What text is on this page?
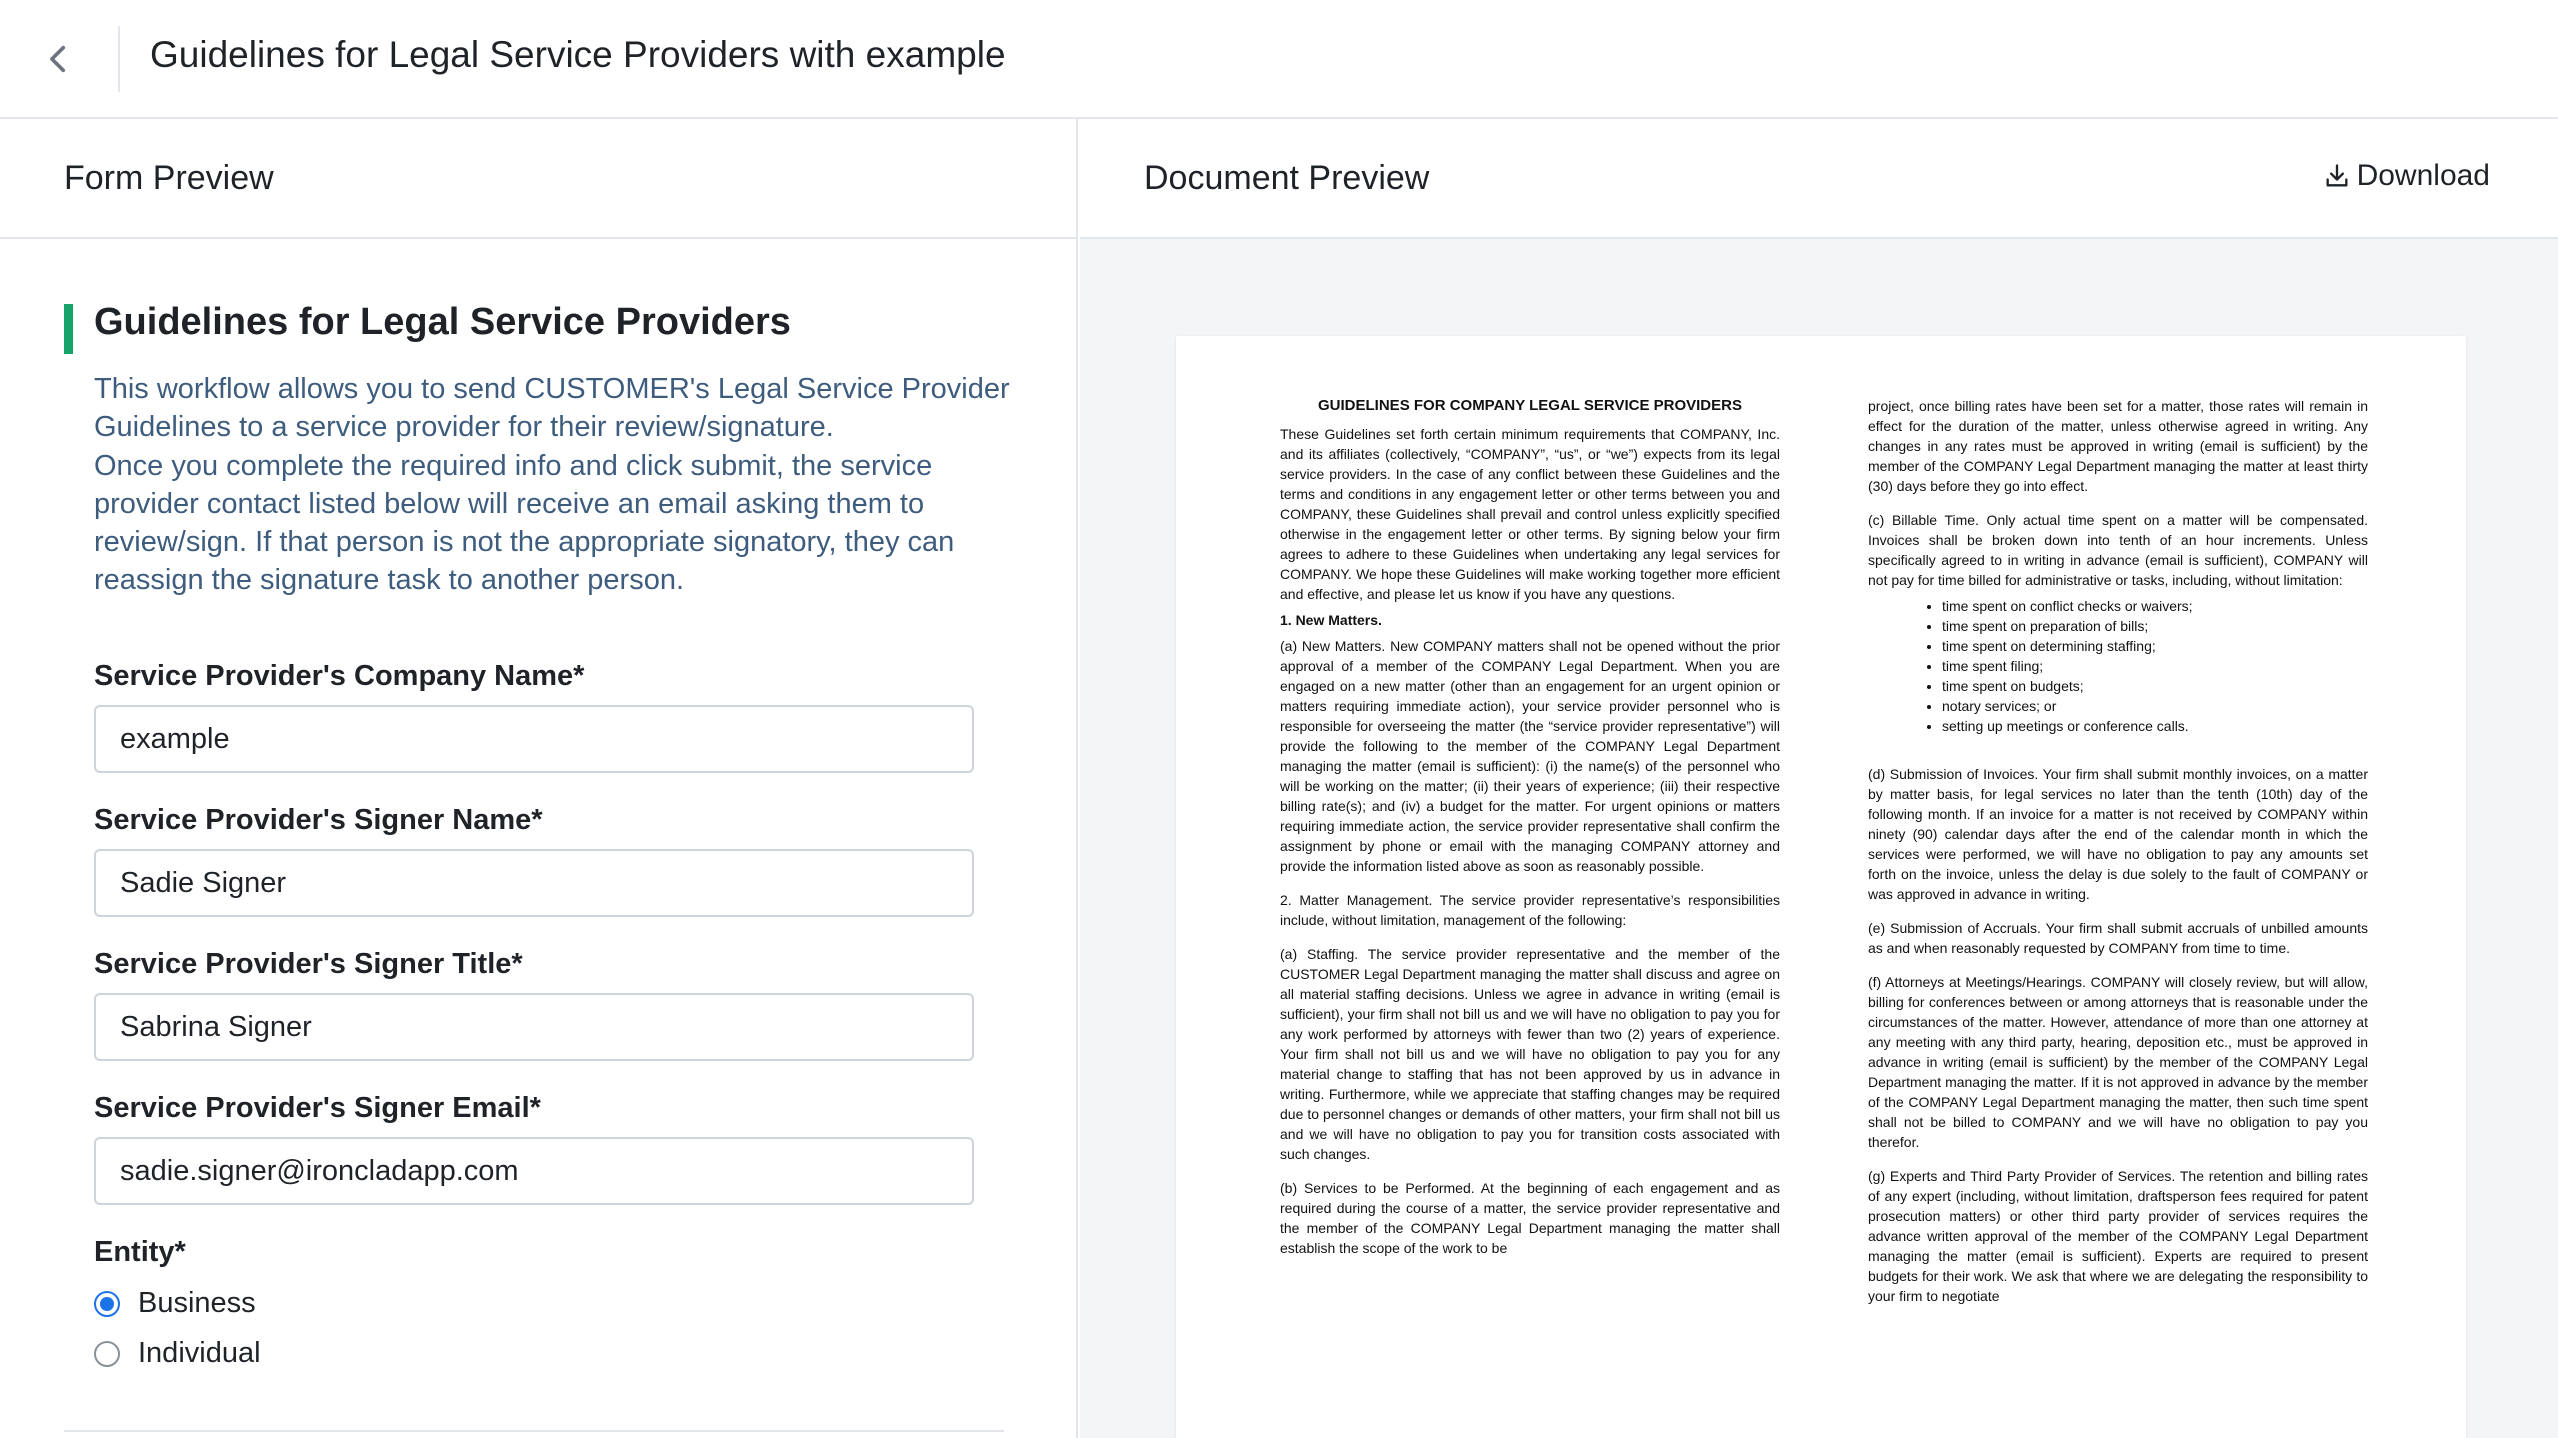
Guidelines for Legal Service Providers with example
Form Preview
Guidelines for Legal Service Providers
This workflow allows you to send CUSTOMER's Legal Service Provider Guidelines to a service provider for their review/signature.
Once you complete the required info and click submit, the service provider contact listed below will receive an email asking them to review/sign. If that person is not the appropriate signatory, they can reassign the signature task to another person.
Service Provider's Company Name*
example
Service Provider's Signer Name*
Sadie Signer
Service Provider's Signer Title*
Sabrina Signer
Service Provider's Signer Email*
sadie.signer@ironcladapp.com
Entity*
Business
Individual
Document Preview	Download
GUIDELINES FOR COMPANY LEGAL SERVICE PROVIDERS
These Guidelines set forth certain minimum requirements that COMPANY, Inc. and its affiliates (collectively, “COMPANY”, “us”, or “we”) expects from its legal service providers. In the case of any conflict between these Guidelines and the terms and conditions in any engagement letter or other terms between you and COMPANY, these Guidelines shall prevail and control unless explicitly specified otherwise in the engagement letter or other terms. By signing below your firm agrees to adhere to these Guidelines when undertaking any legal services for COMPANY. We hope these Guidelines will make working together more efficient and effective, and please let us know if you have any questions.
1. New Matters.
(a) New Matters. New COMPANY matters shall not be opened without the prior approval of a member of the COMPANY Legal Department. When you are engaged on a new matter (other than an engagement for an urgent opinion or matters requiring immediate action), your service provider personnel who is responsible for overseeing the matter (the “service provider representative”) will provide the following to the member of the COMPANY Legal Department managing the matter (email is sufficient): (i) the name(s) of the personnel who will be working on the matter; (ii) their years of experience; (iii) their respective billing rate(s); and (iv) a budget for the matter. For urgent opinions or matters requiring immediate action, the service provider representative shall confirm the assignment by phone or email with the managing COMPANY attorney and provide the information listed above as soon as reasonably possible.
2. Matter Management. The service provider representative’s responsibilities include, without limitation, management of the following:
(a) Staffing. The service provider representative and the member of the CUSTOMER Legal Department managing the matter shall discuss and agree on all material staffing decisions. Unless we agree in advance in writing (email is sufficient), your firm shall not bill us and we will have no obligation to pay you for any work performed by attorneys with fewer than two (2) years of experience. Your firm shall not bill us and we will have no obligation to pay you for any material change to staffing that has not been approved by us in advance in writing. Furthermore, while we appreciate that staffing changes may be required due to personnel changes or demands of other matters, your firm shall not bill us and we will have no obligation to pay you for transition costs associated with such changes.
(b) Services to be Performed. At the beginning of each engagement and as required during the course of a matter, the service provider representative and the member of the COMPANY Legal Department managing the matter shall establish the scope of the work to be
project, once billing rates have been set for a matter, those rates will remain in effect for the duration of the matter, unless otherwise agreed in writing. Any changes in any rates must be approved in writing (email is sufficient) by the member of the COMPANY Legal Department managing the matter at least thirty (30) days before they go into effect.
(c) Billable Time. Only actual time spent on a matter will be compensated. Invoices shall be broken down into tenth of an hour increments. Unless specifically agreed to in writing in advance (email is sufficient), COMPANY will not pay for time billed for administrative or tasks, including, without limitation:
• time spent on conflict checks or waivers;
• time spent on preparation of bills;
• time spent on determining staffing;
• time spent filing;
• time spent on budgets;
• notary services; or
• setting up meetings or conference calls.
(d) Submission of Invoices. Your firm shall submit monthly invoices, on a matter by matter basis, for legal services no later than the tenth (10th) day of the following month. If an invoice for a matter is not received by COMPANY within ninety (90) calendar days after the end of the calendar month in which the services were performed, we will have no obligation to pay any amounts set forth on the invoice, unless the delay is due solely to the fault of COMPANY or was approved in advance in writing.
(e) Submission of Accruals. Your firm shall submit accruals of unbilled amounts as and when reasonably requested by COMPANY from time to time.
(f) Attorneys at Meetings/Hearings. COMPANY will closely review, but will allow, billing for conferences between or among attorneys that is reasonable under the circumstances of the matter. However, attendance of more than one attorney at any meeting with any third party, hearing, deposition etc., must be approved in advance in writing (email is sufficient) by the member of the COMPANY Legal Department managing the matter. If it is not approved in advance by the member of the COMPANY Legal Department managing the matter, then such time spent shall not be billed to COMPANY and we will have no obligation to pay you therefor.
(g) Experts and Third Party Provider of Services. The retention and billing rates of any expert (including, without limitation, draftsperson fees required for patent prosecution matters) or other third party provider of services requires the advance written approval of the member of the COMPANY Legal Department managing the matter (email is sufficient). Experts are required to present budgets for their work. We ask that where we are delegating the responsibility to your firm to negotiate
